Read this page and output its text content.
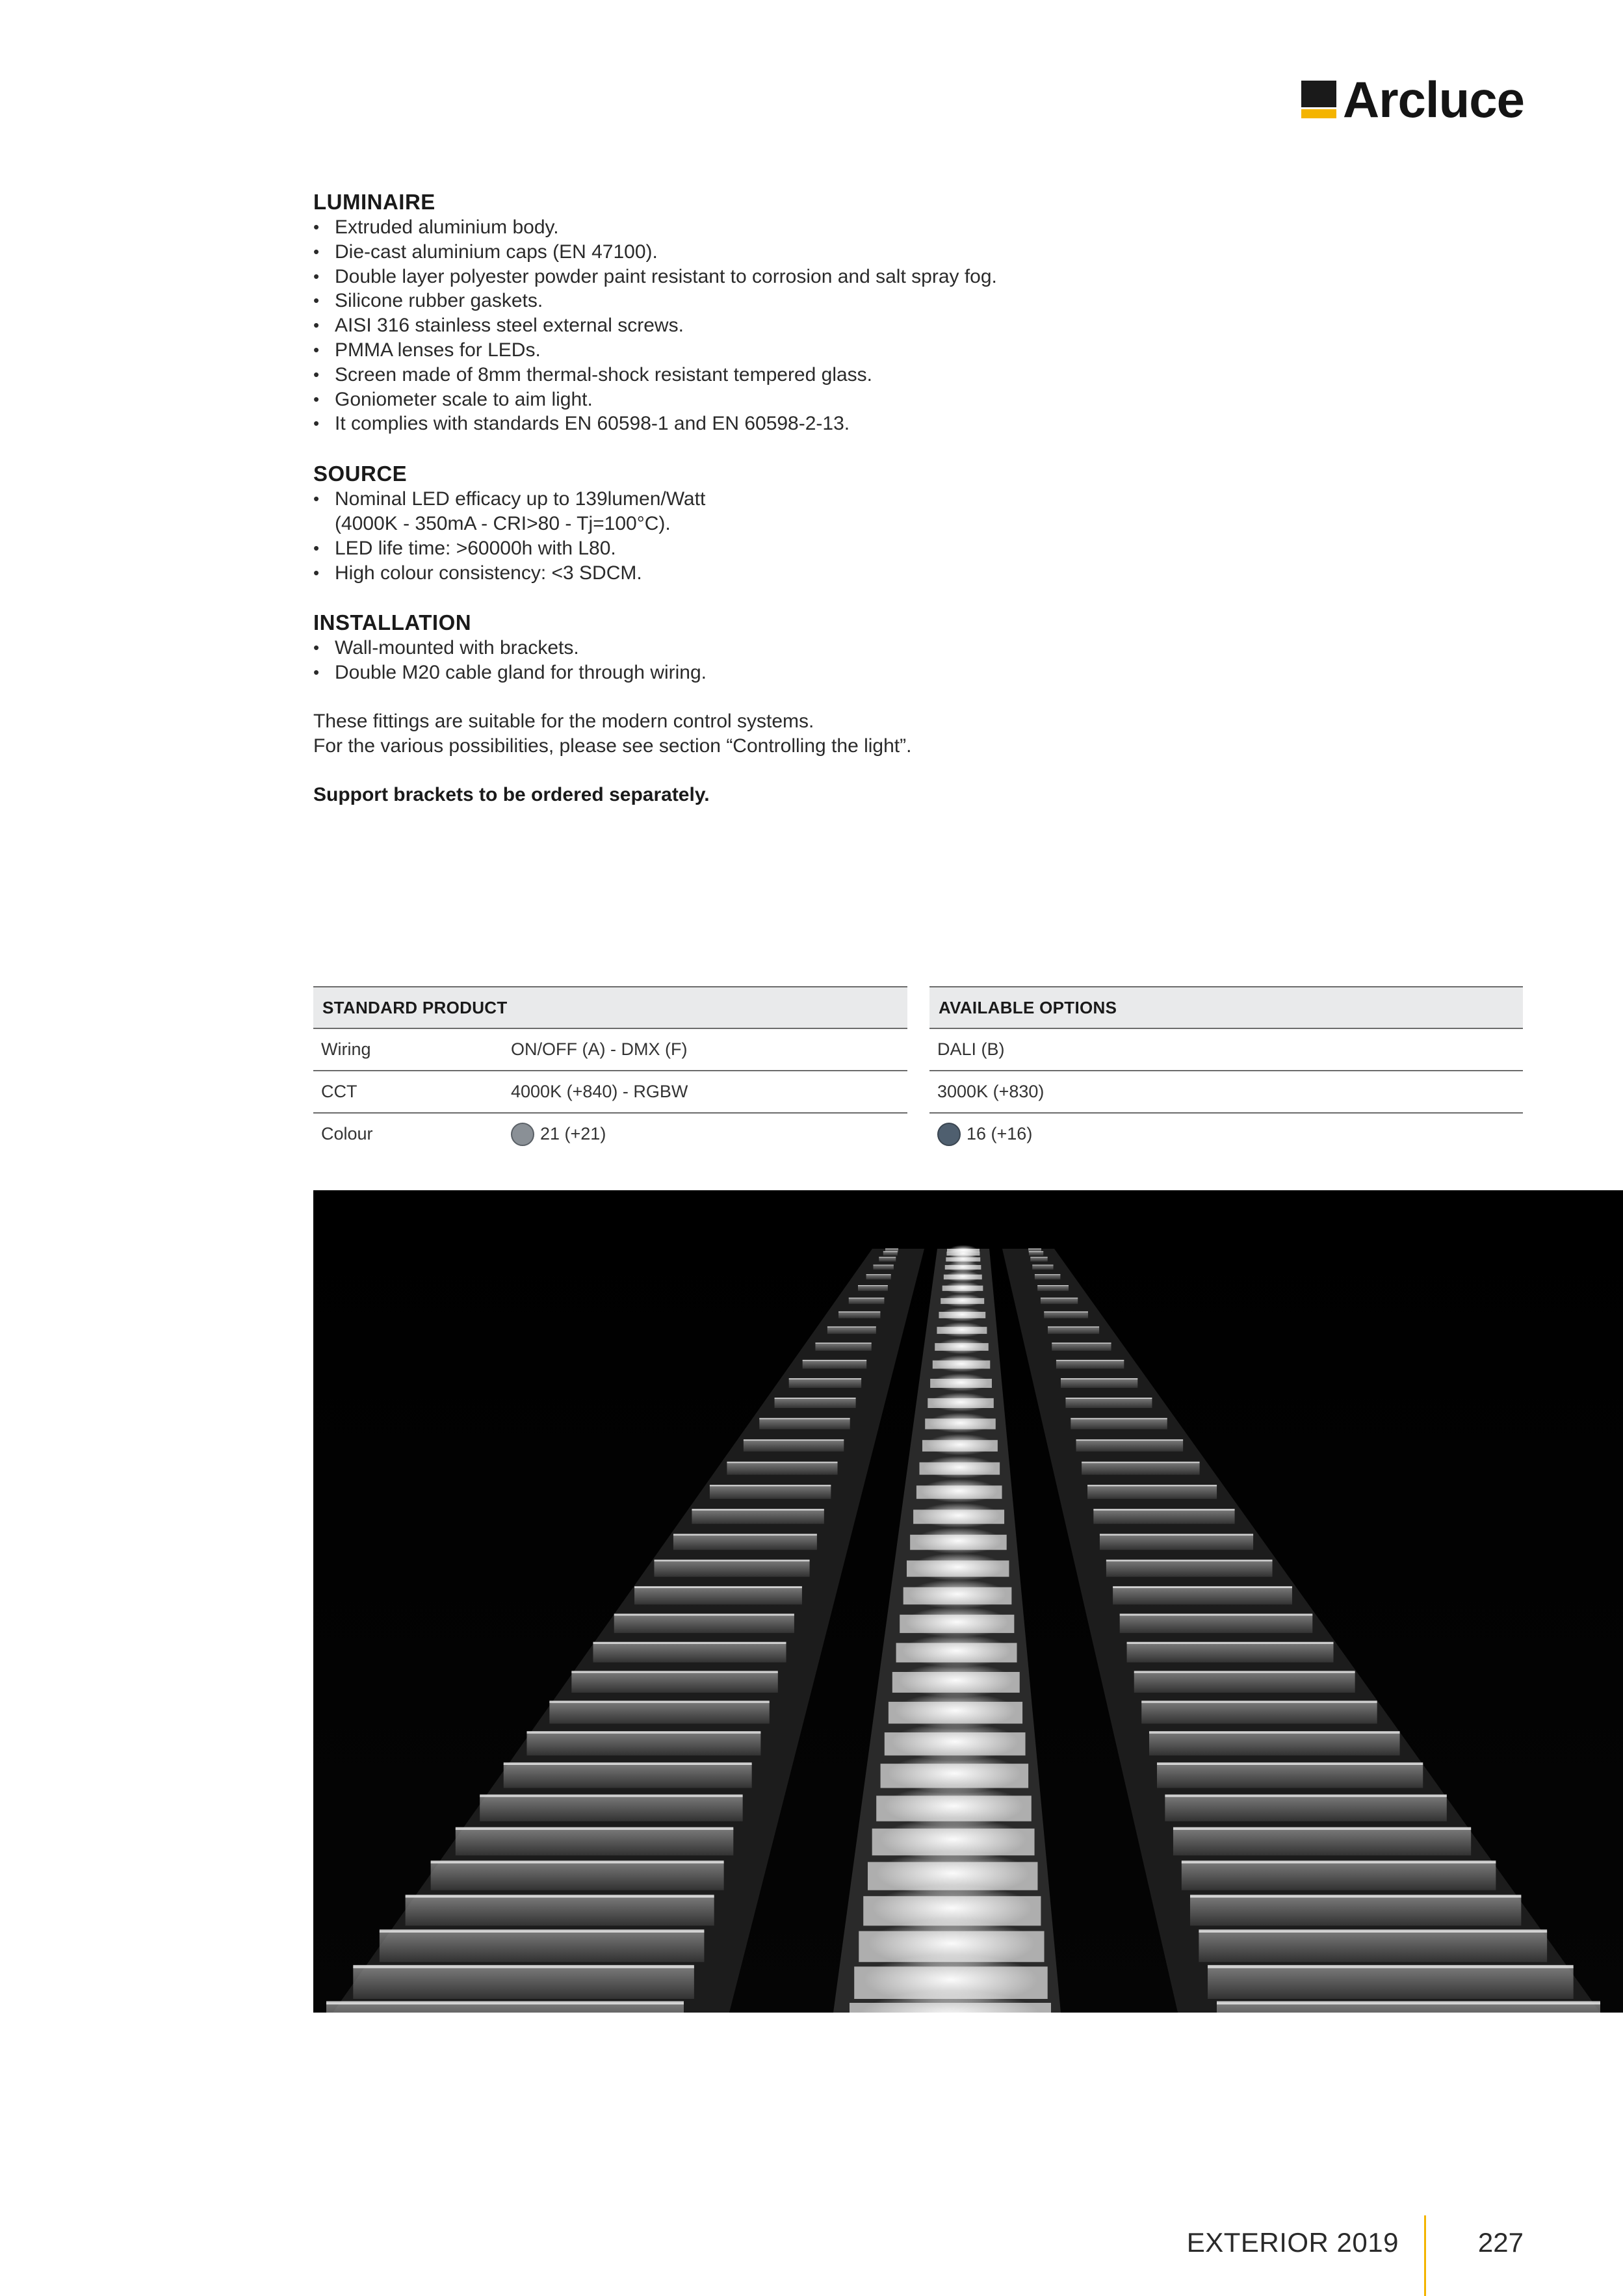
Arcluce
LUMINAIRE
• Extruded aluminium body.
• Die-cast aluminium caps (EN 47100).
• Double layer polyester powder paint resistant to corrosion and salt spray fog.
• Silicone rubber gaskets.
• AISI 316 stainless steel external screws.
• PMMA lenses for LEDs.
• Screen made of 8mm thermal-shock resistant tempered glass.
• Goniometer scale to aim light.
• It complies with standards EN 60598-1 and EN 60598-2-13.
SOURCE
• Nominal LED efficacy up to 139lumen/Watt
(4000K - 350mA - CRI>80 - Tj=100°C).
• LED life time: >60000h with L80.
• High colour consistency: <3 SDCM.
INSTALLATION
• Wall-mounted with brackets.
• Double M20 cable gland for through wiring.

These fittings are suitable for the modern control systems.

For the various possibilities, please see section “Controlling the light”.

Support brackets to be ordered separately.

STANDARD PRODUCT
Wiring	ON/OFF (A) - DMX (F)
CCT	4000K (+840) - RGBW
Colour	21 (+21)
AVAILABLE OPTIONS
DALI (B)
3000K (+830)
16 (+16)
EXTERIOR 2019	227
